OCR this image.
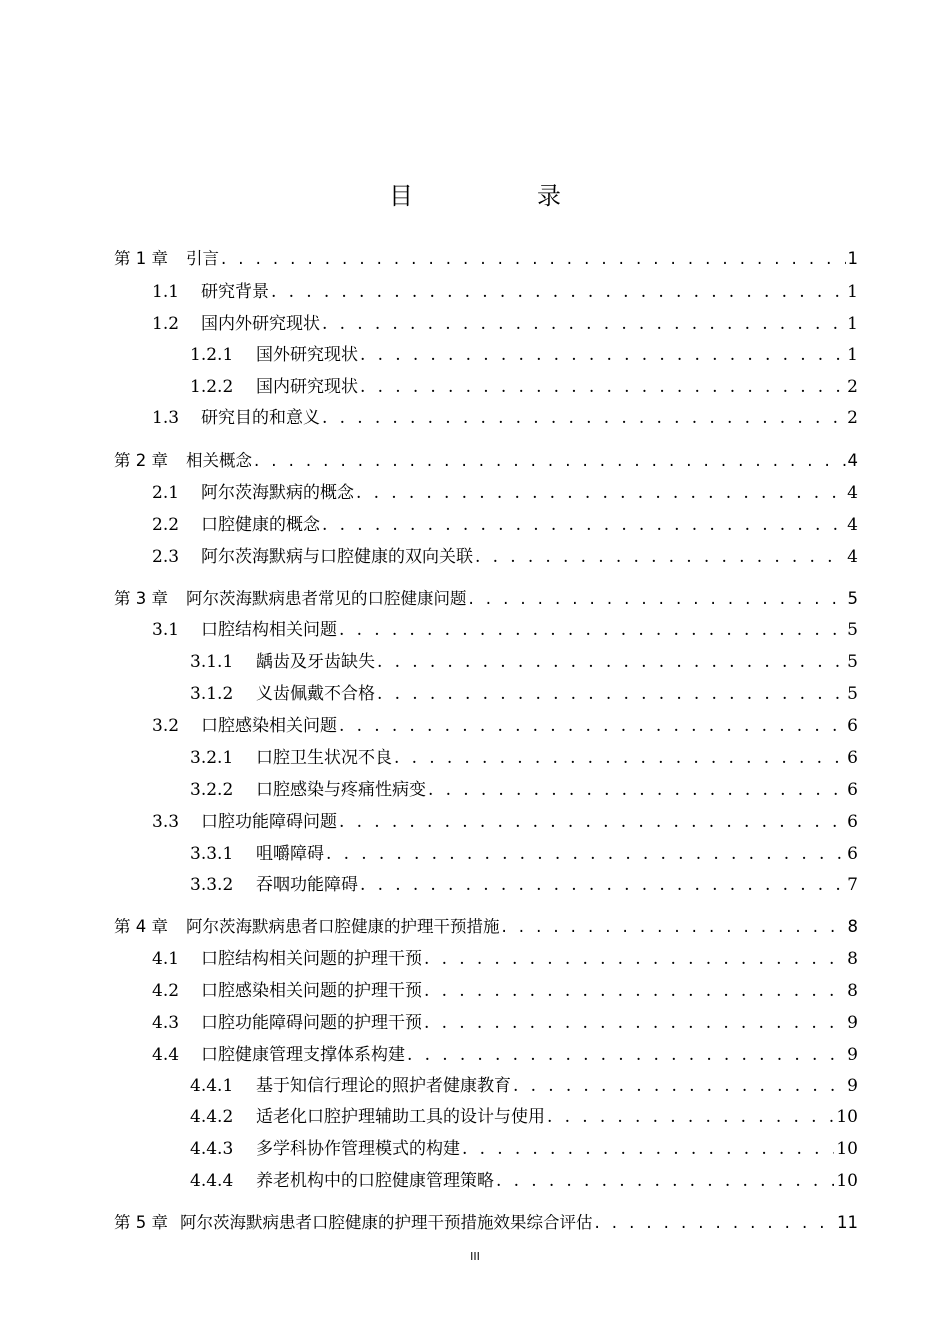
目　录
第 1 章	引言 . . .	1
1.1	研究背景 . . .	1
1.2	国内外研究现状 . . .	1
1.2.1	国外研究现状 . . .	1
1.2.2	国内研究现状 . . .	2
1.3	研究目的和意义 . . .	2
第 2 章	相关概念 . . .	4
2.1	阿尔茨海默病的概念 . . .	4
2.2	口腔健康的概念 . . .	4
2.3	阿尔茨海默病与口腔健康的双向关联 . . .	4
第 3 章	阿尔茨海默病患者常见的口腔健康问题 . . .	5
3.1	口腔结构相关问题 . . .	5
3.1.1	龋齿及牙齿缺失 . . .	5
3.1.2	义齿佩戴不合格 . . .	5
3.2	口腔感染相关问题 . . .	6
3.2.1	口腔卫生状况不良 . . .	6
3.2.2	口腔感染与疼痛性病变 . . .	6
3.3	口腔功能障碍问题 . . .	6
3.3.1	咀嚼障碍 . . .	6
3.3.2	吞咽功能障碍 . . .	7
第 4 章	阿尔茨海默病患者口腔健康的护理干预措施 . . .	8
4.1	口腔结构相关问题的护理干预 . . .	8
4.2	口腔感染相关问题的护理干预 . . .	8
4.3	口腔功能障碍问题的护理干预 . . .	9
4.4	口腔健康管理支撑体系构建 . . .	9
4.4.1	基于知信行理论的照护者健康教育 . . .	9
4.4.2	适老化口腔护理辅助工具的设计与使用 . . .	10
4.4.3	多学科协作管理模式的构建 . . .	10
4.4.4	养老机构中的口腔健康管理策略 . . .	10
第 5 章 阿尔茨海默病患者口腔健康的护理干预措施效果综合评估 . . .	11
III
